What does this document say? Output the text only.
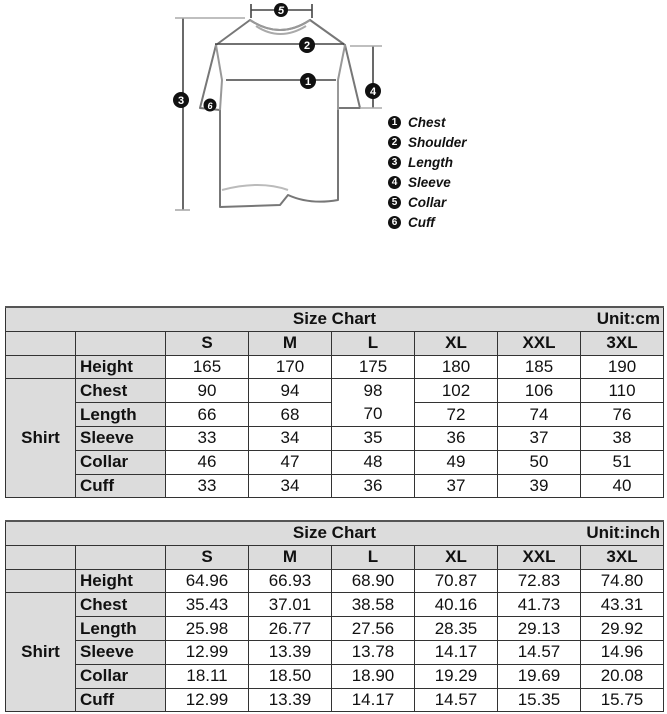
5
2
1
3
4
6
1 Chest
2 Shoulder
3 Length
4 Sleeve
5 Collar
6 Cuff
Size Chart Unit:cm							

		S	M	L	XL	XXL	3XL
	Height	165	170	175	180	185	190
Shirt	Chest	90	94	98	102	106	110
	Length	66	68	70	72	74	76
	Sleeve	33	34	35	36	37	38
	Collar	46	47	48	49	50	51
	Cuff	33	34	36	37	39	40
Size Chart Unit:inch							

		S	M	L	XL	XXL	3XL
	Height	64.96	66.93	68.90	70.87	72.83	74.80
Shirt	Chest	35.43	37.01	38.58	40.16	41.73	43.31
	Length	25.98	26.77	27.56	28.35	29.13	29.92
	Sleeve	12.99	13.39	13.78	14.17	14.57	14.96
	Collar	18.11	18.50	18.90	19.29	19.69	20.08
	Cuff	12.99	13.39	14.17	14.57	15.35	15.75
